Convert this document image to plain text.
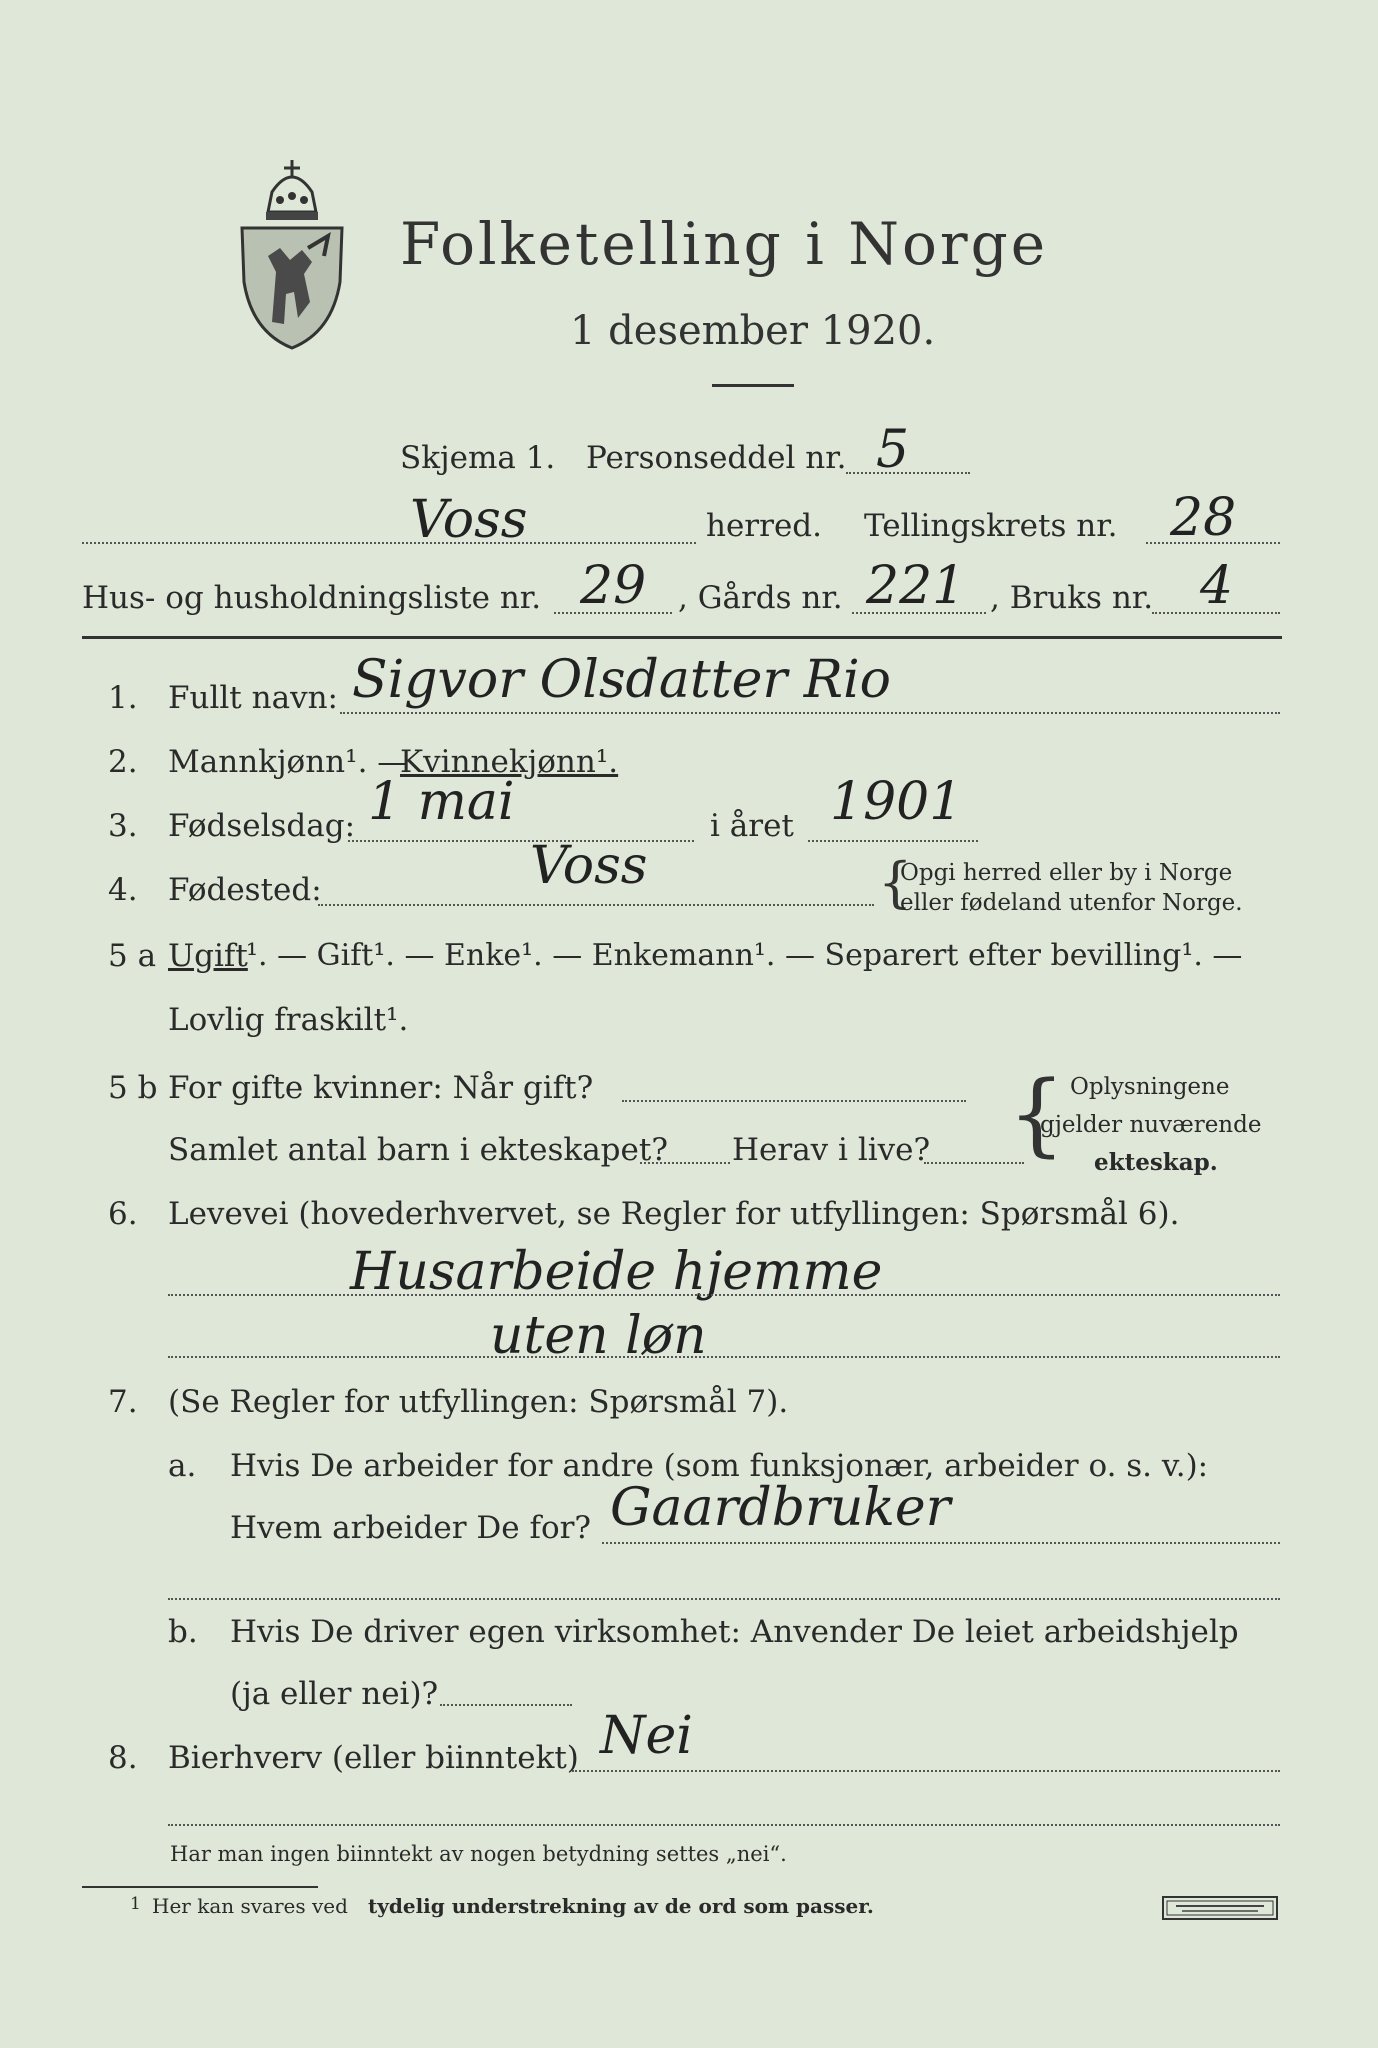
Folketelling i Norge
1 desember 1920.
Skjema 1. Personseddel nr. 5
Voss	herred. Tellingskrets nr. 28
Hus- og husholdningsliste nr. 29 , Gårds nr. 221 , Bruks nr. 4
1. Fullt navn: Sigvor Olsdatter Rio
2. Mannkjønn¹. —
Kvinnekjønn¹.
3. Fødselsdag: 1 mai	i året 1901
4. Fødested:	Voss	{
Opgi herred eller by i Norge
eller fødeland utenfor Norge.
5 a Ugift
¹. — Gift¹. — Enke¹. — Enkemann¹. — Separert efter bevilling¹. —
Lovlig fraskilt¹.
5 b For gifte kvinner: Når gift?
Samlet antal barn i ekteskapet? Herav i live? { Oplysningene
gjelder nuværende
ekteskap.
6. Levevei (hovederhvervet, se Regler for utfyllingen: Spørsmål 6).
Husarbeide hjemme
uten løn
7. (Se Regler for utfyllingen: Spørsmål 7).
a. Hvis De arbeider for andre (som funksjonær, arbeider o. s. v.):
Hvem arbeider De for? Gaardbruker
b. Hvis De driver egen virksomhet: Anvender De leiet arbeidshjelp
(ja eller nei)?
8. Bierhverv (eller biinntekt) Nei
Har man ingen biinntekt av nogen betydning settes „nei“.
1 Her kan svares ved tydelig understrekning av de ord som passer.
